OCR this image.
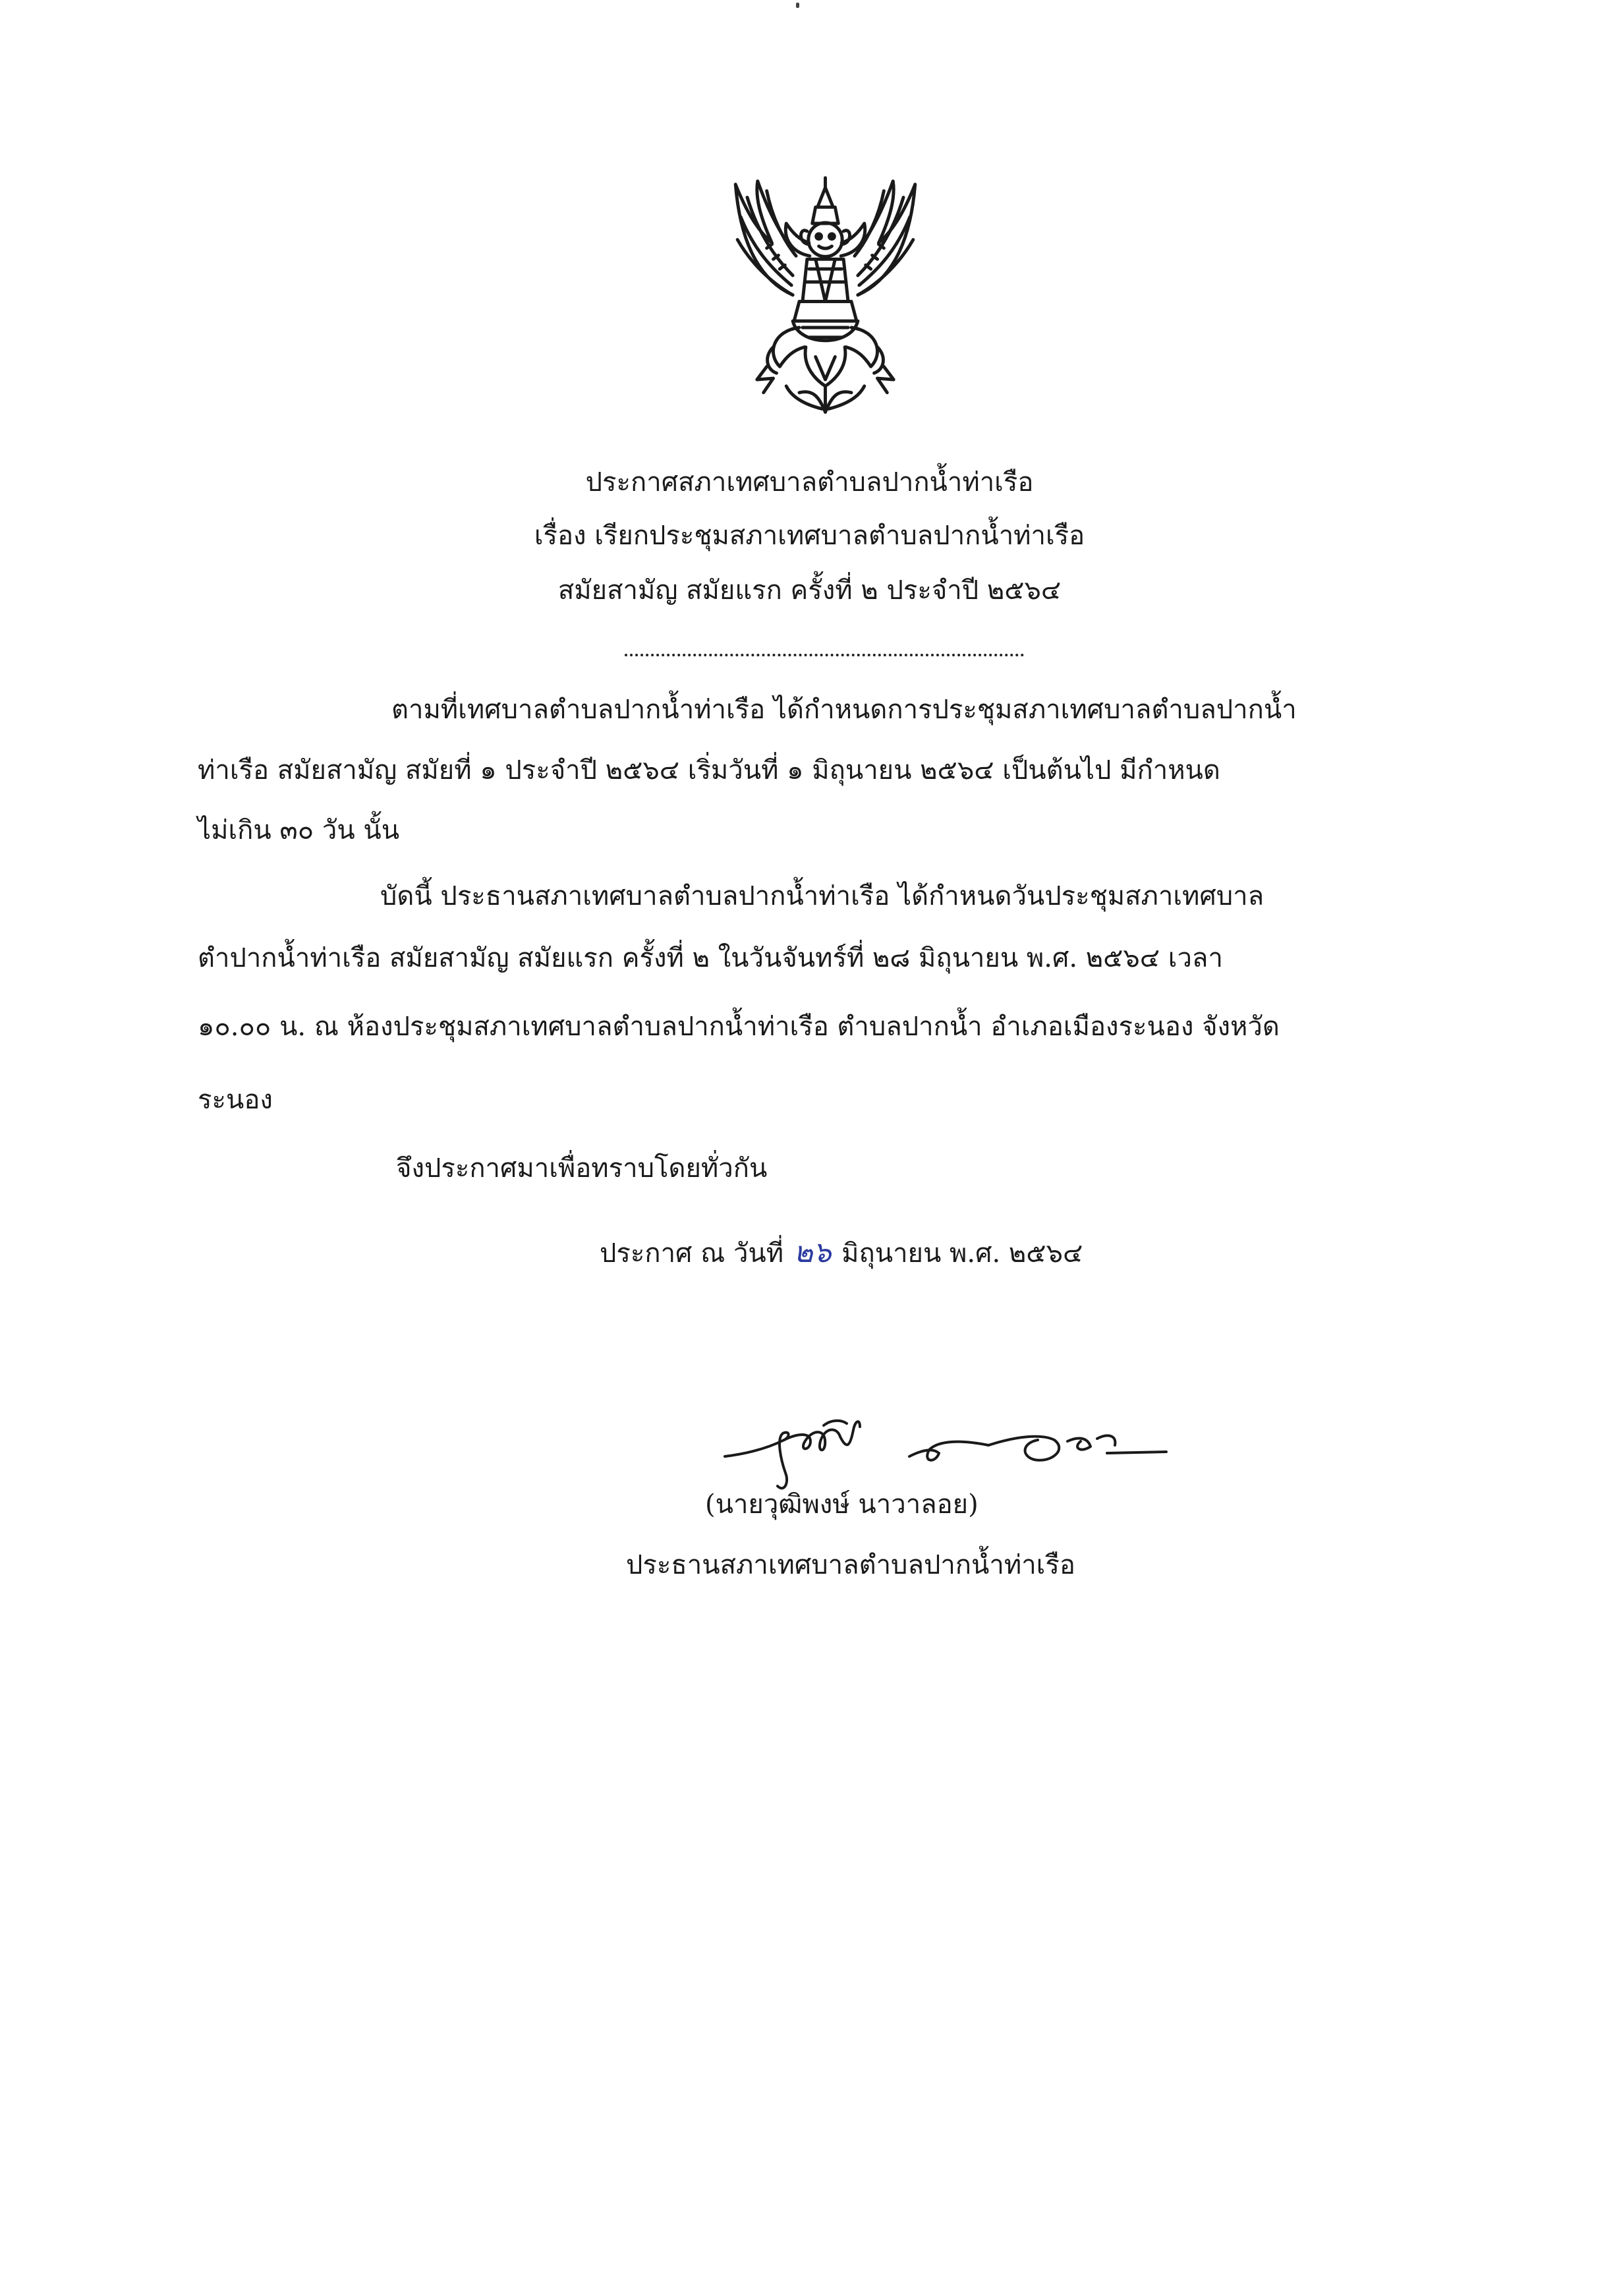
ประกาศสภาเทศบาลตำบลปากน้ำท่าเรือ
เรื่อง เรียกประชุมสภาเทศบาลตำบลปากน้ำท่าเรือ
สมัยสามัญ สมัยแรก ครั้งที่ ๒ ประจำปี ๒๕๖๔
ตามที่เทศบาลตำบลปากน้ำท่าเรือ ได้กำหนดการประชุมสภาเทศบาลตำบลปากน้ำ
ท่าเรือ สมัยสามัญ สมัยที่ ๑ ประจำปี ๒๕๖๔ เริ่มวันที่ ๑ มิถุนายน ๒๕๖๔ เป็นต้นไป มีกำหนด
ไม่เกิน ๓๐ วัน นั้น
บัดนี้ ประธานสภาเทศบาลตำบลปากน้ำท่าเรือ ได้กำหนดวันประชุมสภาเทศบาล
ตำปากน้ำท่าเรือ สมัยสามัญ สมัยแรก ครั้งที่ ๒ ในวันจันทร์ที่ ๒๘ มิถุนายน พ.ศ. ๒๕๖๔ เวลา
๑๐.๐๐ น. ณ ห้องประชุมสภาเทศบาลตำบลปากน้ำท่าเรือ ตำบลปากน้ำ อำเภอเมืองระนอง จังหวัด
ระนอง
จึงประกาศมาเพื่อทราบโดยทั่วกัน
ประกาศ ณ วันที่ ๒๖ มิถุนายน พ.ศ. ๒๕๖๔
(นายวุฒิพงษ์ นาวาลอย)
ประธานสภาเทศบาลตำบลปากน้ำท่าเรือ
